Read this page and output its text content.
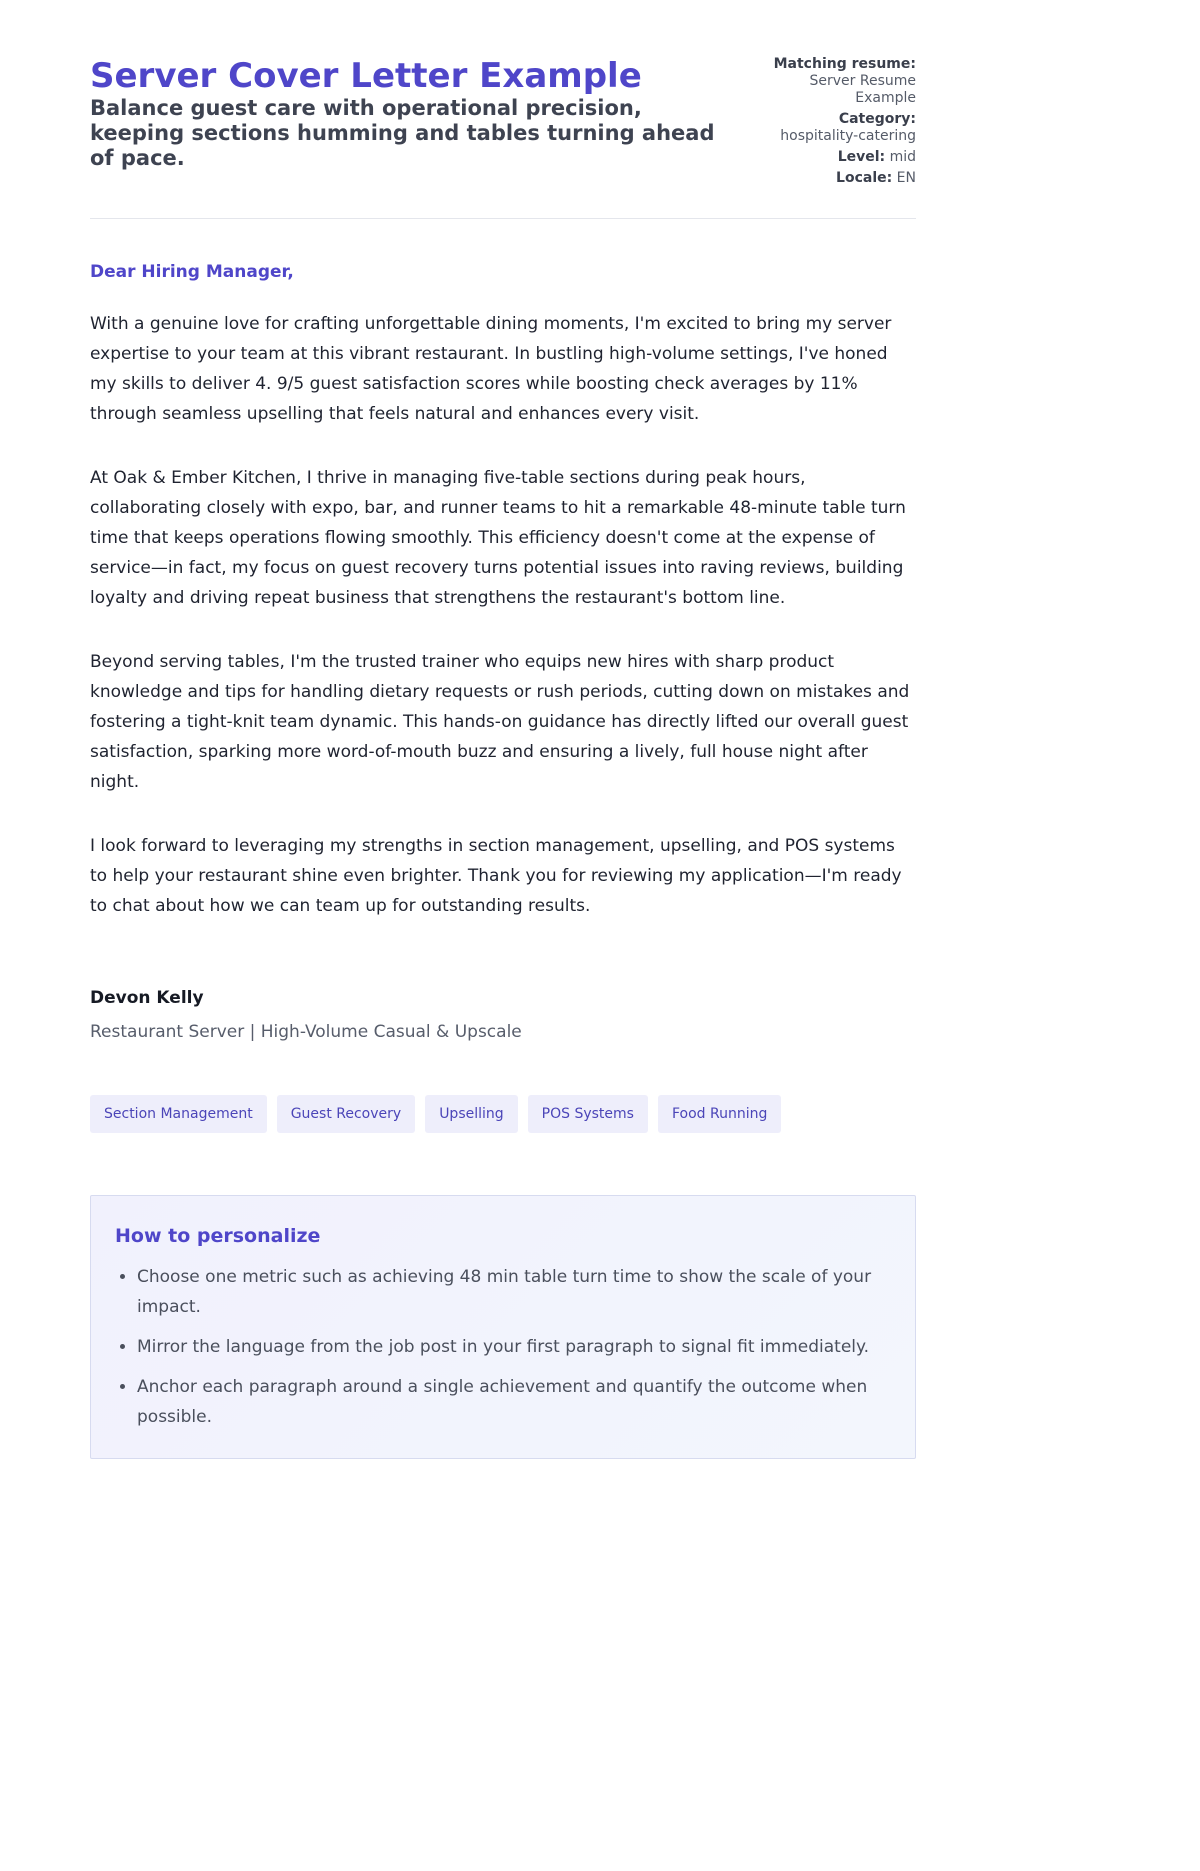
Server Cover Letter Example

Balance guest care with operational precision, keeping sections humming and tables turning ahead of pace.

Matching resume:
Server Resume Example
Category:
hospitality-catering
Level: mid
Locale: EN
Dear Hiring Manager,

With a genuine love for crafting unforgettable dining moments, I'm excited to bring my server expertise to your team at this vibrant restaurant. In bustling high-volume settings, I've honed my skills to deliver 4. 9/5 guest satisfaction scores while boosting check averages by 11% through seamless upselling that feels natural and enhances every visit.

At Oak & Ember Kitchen, I thrive in managing five-table sections during peak hours, collaborating closely with expo, bar, and runner teams to hit a remarkable 48-minute table turn time that keeps operations flowing smoothly. This efficiency doesn't come at the expense of service—in fact, my focus on guest recovery turns potential issues into raving reviews, building loyalty and driving repeat business that strengthens the restaurant's bottom line.

Beyond serving tables, I'm the trusted trainer who equips new hires with sharp product knowledge and tips for handling dietary requests or rush periods, cutting down on mistakes and fostering a tight-knit team dynamic. This hands-on guidance has directly lifted our overall guest satisfaction, sparking more word-of-mouth buzz and ensuring a lively, full house night after night.

I look forward to leveraging my strengths in section management, upselling, and POS systems to help your restaurant shine even brighter. Thank you for reviewing my application—I'm ready to chat about how we can team up for outstanding results.

Devon Kelly
Restaurant Server | High-Volume Casual & Upscale
Section Management	Guest Recovery	Upselling	POS Systems	Food Running
How to personalize
• Choose one metric such as achieving 48 min table turn time to show the scale of your impact.
• Mirror the language from the job post in your first paragraph to signal fit immediately.
• Anchor each paragraph around a single achievement and quantify the outcome when possible.
